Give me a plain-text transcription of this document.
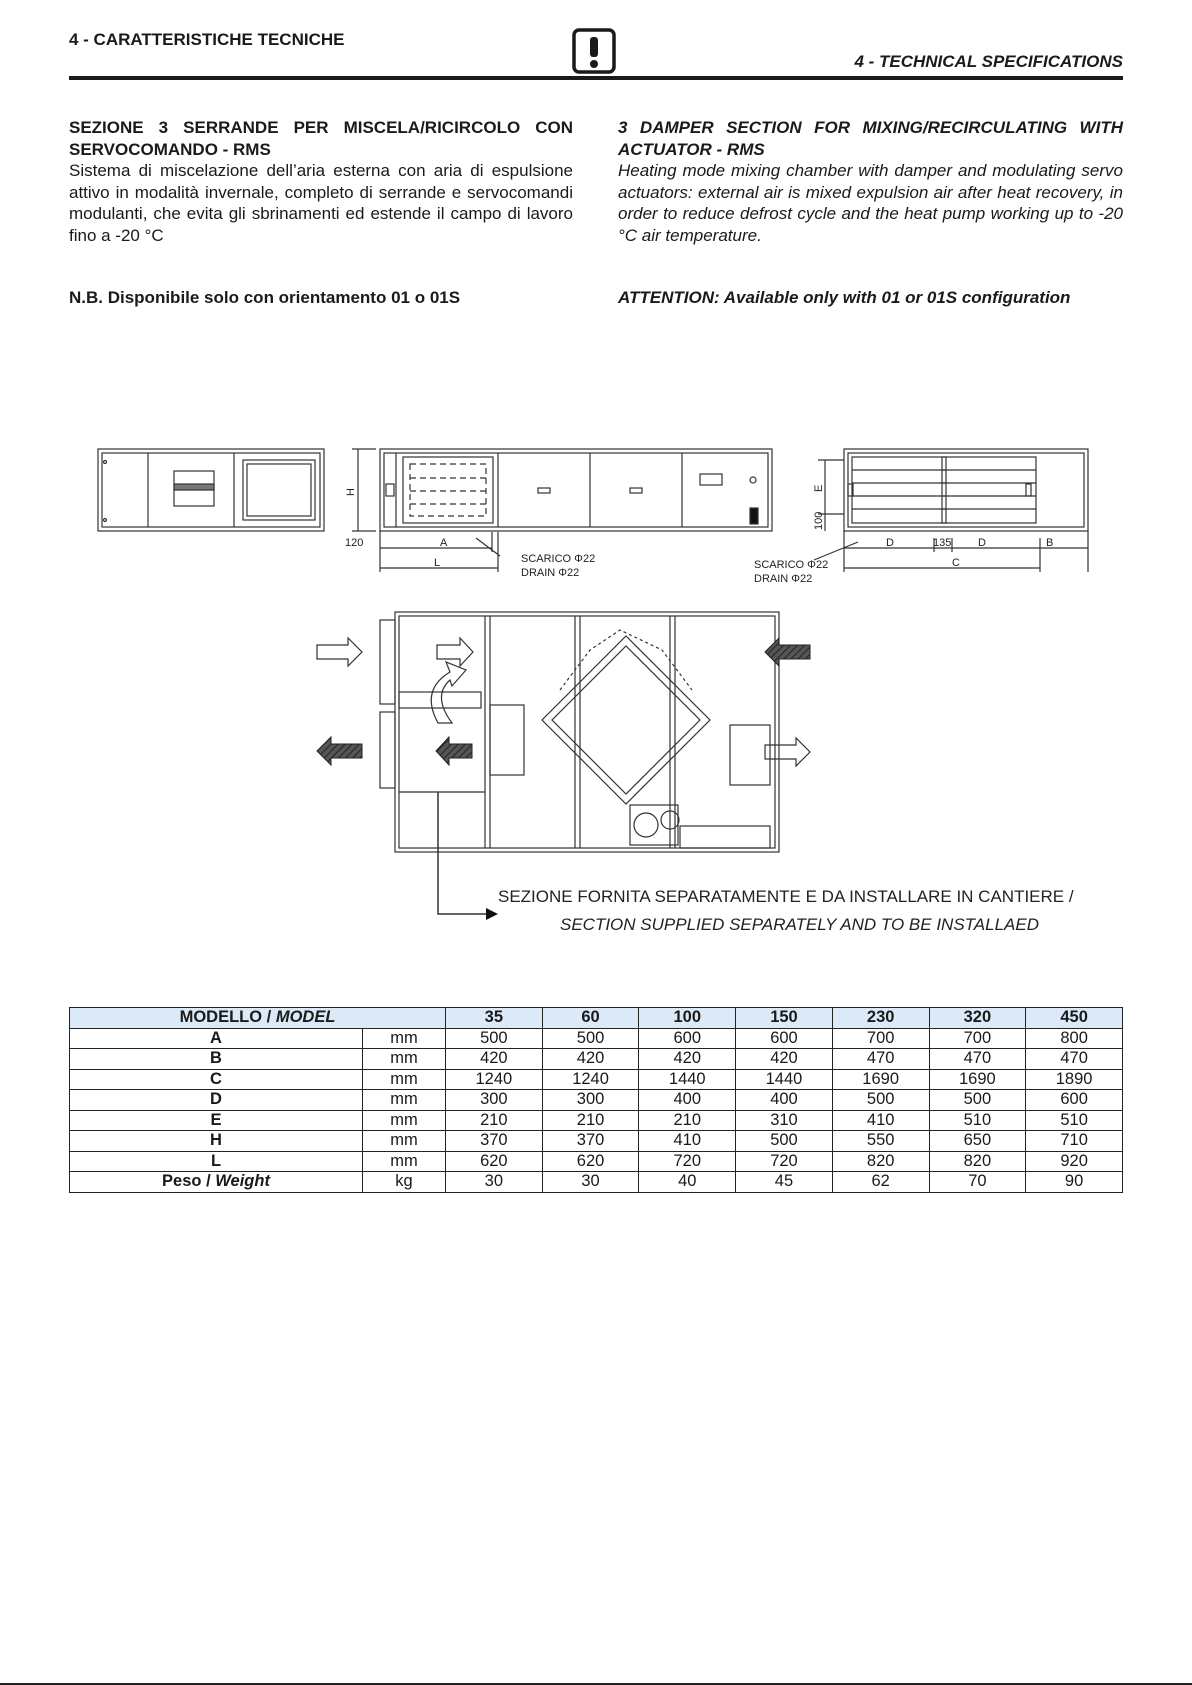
4 - CARATTERISTICHE TECNICHE
4 - TECHNICAL SPECIFICATIONS
SEZIONE 3 SERRANDE PER MISCELA/RICIRCOLO CON SERVOCOMANDO - RMS
Sistema di miscelazione dell’aria esterna con aria di espulsione attivo in modalità invernale, completo di serrande e servocomandi modulanti, che evita gli sbrinamenti ed estende il campo di lavoro fino a -20 °C
3 DAMPER SECTION FOR MIXING/RECIRCULATING WITH ACTUATOR - RMS
Heating mode mixing chamber with damper and modulating servo actuators: external air is mixed expulsion air after heat recovery, in order to reduce defrost cycle and the heat pump working up to -20 °C air temperature.
N.B. Disponibile solo con orientamento 01 o 01S	ATTENTION: Available only with 01 or 01S configuration
H
120	A
L	SCARICO Φ22
DRAIN Φ22
E
100
D	135 D	B
C
SCARICO Φ22
DRAIN Φ22
SEZIONE FORNITA SEPARATAMENTE E DA INSTALLARE IN CANTIERE /
SECTION SUPPLIED SEPARATELY AND TO BE INSTALLAED
MODELLO / MODEL		35	60	100	150	230	320	450
A	mm	500	500	600	600	700	700	800
B	mm	420	420	420	420	470	470	470
C	mm	1240	1240	1440	1440	1690	1690	1890
D	mm	300	300	400	400	500	500	600
E	mm	210	210	210	310	410	510	510
H	mm	370	370	410	500	550	650	710
L	mm	620	620	720	720	820	820	920
Peso / Weight	kg	30	30	40	45	62	70	90
